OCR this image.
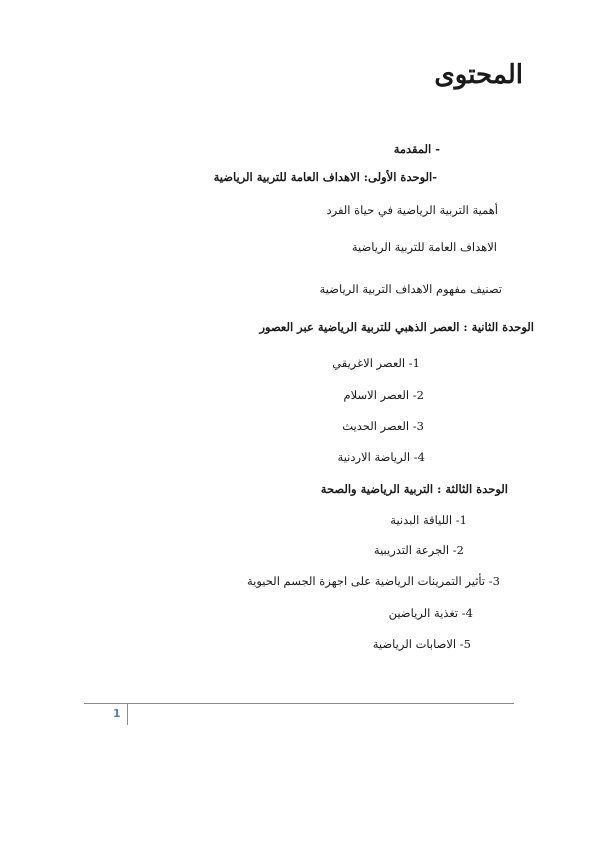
المحتوى
- المقدمة
-الوحدة الأولى: الاهداف العامة للتربية الرياضية
أهمية التربية الرياضية في حياة الفرد
الاهداف العامة للتربية الرياضية
تصنيف مفهوم الاهداف التربية الرياضية
الوحدة الثانية : العصر الذهبي للتربية الرياضية عبر العصور
1- العصر الاغريقي
2- العصر الاسلام
3- العصر الحديث
4- الرياضة الاردنية
الوحدة الثالثة : التربية الرياضية والصحة
1- اللياقة البدنية
2- الجرعة التدريبية
3- تأثير التمرينات الرياضية على اجهزة الجسم الحيوية
4- تغذية الرياضين
5- الاصابات الرياضية
1
